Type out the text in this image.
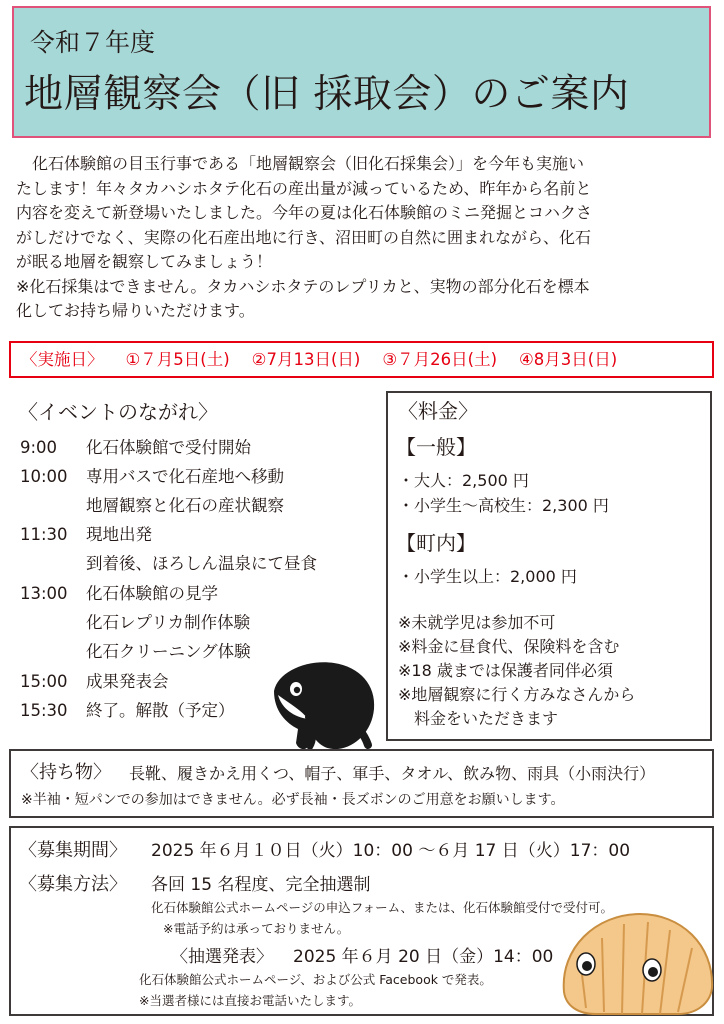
令和７年度
地層観察会（旧 採取会）のご案内

化石体験館の目玉行事である「地層観察会（旧化石採集会）」を今年も実施い

たします！年々タカハシホタテ化石の産出量が減っているため、昨年から名前と

内容を変えて新登場いたしました。今年の夏は化石体験館のミニ発掘とコハクさ

がしだけでなく、実際の化石産出地に行き、沼田町の自然に囲まれながら、化石

が眠る地層を観察してみましょう！

※化石採集はできません。タカハシホタテのレプリカと、実物の部分化石を標本

化してお持ち帰りいただけます。

〈実施日〉 ①７月5日(土) ②7月13日(日) ③７月26日(土) ④8月3日(日)
〈イベントのながれ〉
9:00 化石体験館で受付開始
10:00 専用バスで化石産地へ移動
地層観察と化石の産状観察
11:30 現地出発
到着後、ほろしん温泉にて昼食
13:00 化石体験館の見学
化石レプリカ制作体験
化石クリーニング体験
15:00 成果発表会
15:30 終了。解散（予定）
〈料金〉
【一般】
・大人：2,500 円
・小学生～高校生：2,300 円
【町内】
・小学生以上：2,000 円
※未就学児は参加不可
※料金に昼食代、保険料を含む
※18 歳までは保護者同伴必須
※地層観察に行く方みなさんから
　料金をいただきます
〈持ち物〉 長靴、履きかえ用くつ、帽子、軍手、タオル、飲み物、雨具（小雨決行）
※半袖・短パンでの参加はできません。必ず長袖・長ズボンのご用意をお願いします。
〈募集期間〉 2025 年６月１０日（火）10：00 ～６月 17 日（火）17：00
〈募集方法〉 各回 15 名程度、完全抽選制
化石体験館公式ホームページの申込フォーム、または、化石体験館受付で受付可。
※電話予約は承っておりません。
〈抽選発表〉 2025 年６月 20 日（金）14：00
化石体験館公式ホームページ、および公式 Facebook で発表。
※当選者様には直接お電話いたします。
